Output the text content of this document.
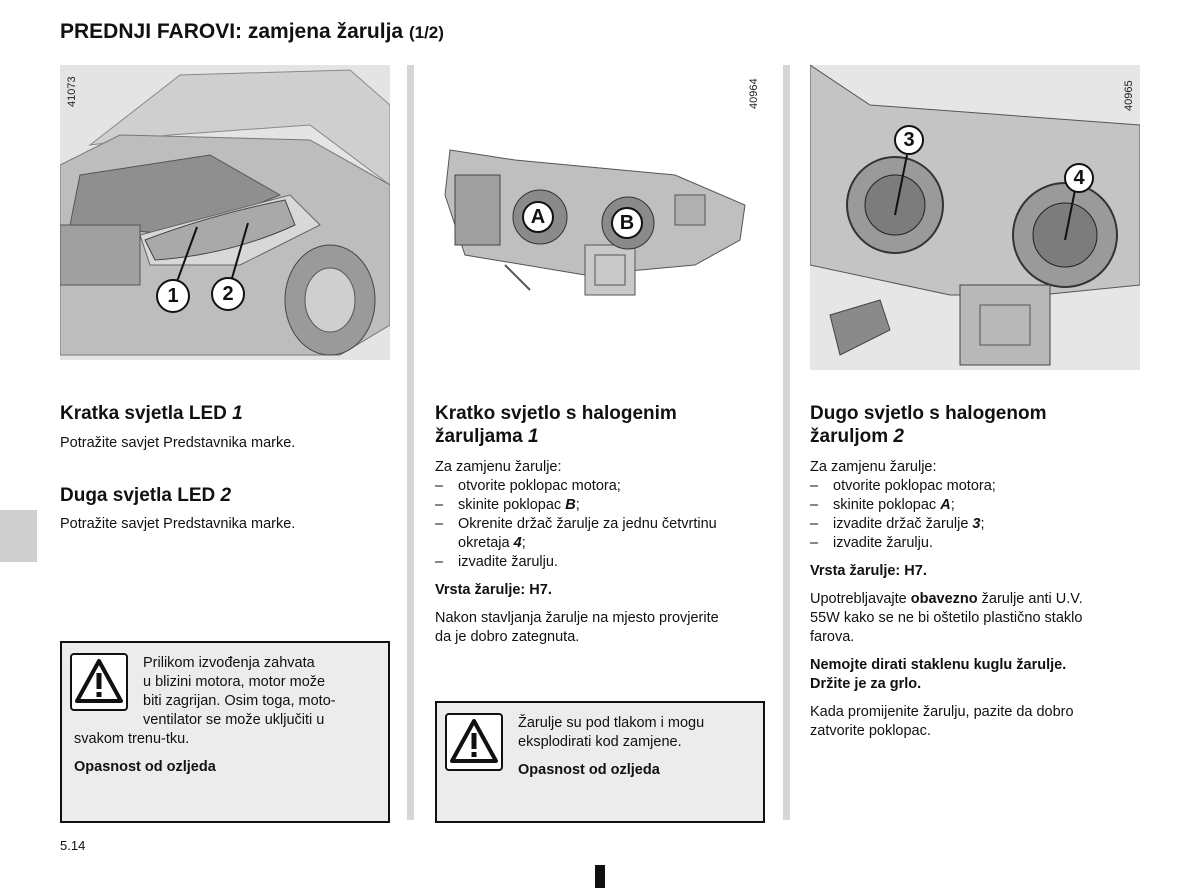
PREDNJI FAROVI: zamjena žarulja (1/2)
41073
1	2
40964
A	B
40965
3
4
Kratka svjetla LED 1

Potražite savjet Predstavnika marke.

Duga svjetla LED 2

Potražite savjet Predstavnika marke.

Prilikom izvođenja zahvata

u blizini motora, motor može

biti zagrijan. Osim toga, moto-

ventilator se može uključiti u

svakom trenu-tku.

Opasnost od ozljeda

Kratko svjetlo s halogenim
žaruljama 1

Za zamjenu žarulje:

– otvorite poklopac motora;
– skinite poklopac B;
– Okrenite držač žarulje za jednu četvrtinu
okretaja 4;
– izvadite žarulju.

Vrsta žarulje: H7.

Nakon stavljanja žarulje na mjesto provjerite

da je dobro zategnuta.

Žarulje su pod tlakom i mogu

eksplodirati kod zamjene.

Opasnost od ozljeda

Dugo svjetlo s halogenom
žaruljom 2

Za zamjenu žarulje:

– otvorite poklopac motora;
– skinite poklopac A;
– izvadite držač žarulje 3;
– izvadite žarulju.

Vrsta žarulje: H7.

Upotrebljavajte obavezno žarulje anti U.V.

55W kako se ne bi oštetilo plastično staklo

farova.

Nemojte dirati staklenu kuglu žarulje.

Držite je za grlo.

Kada promijenite žarulju, pazite da dobro

zatvorite poklopac.

5.14
